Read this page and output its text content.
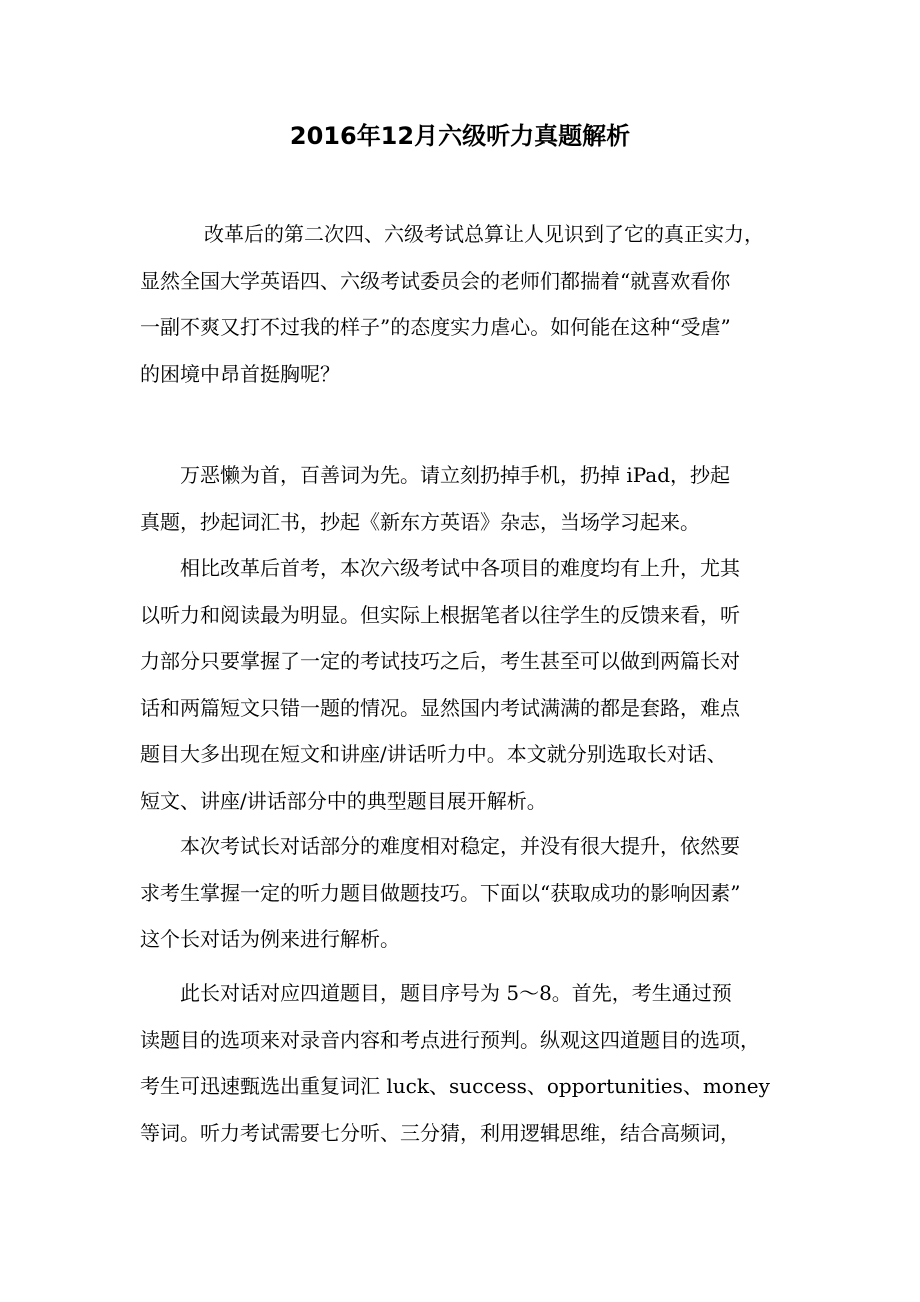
2016年12月六级听力真题解析

改革后的第二次四、六级考试总算让人见识到了它的真正实力，
显然全国大学英语四、六级考试委员会的老师们都揣着“就喜欢看你
一副不爽又打不过我的样子”的态度实力虐心。如何能在这种“受虐”
的困境中昂首挺胸呢？

万恶懒为首，百善词为先。请立刻扔掉手机，扔掉 iPad，抄起
真题，抄起词汇书，抄起《新东方英语》杂志，当场学习起来。

相比改革后首考，本次六级考试中各项目的难度均有上升，尤其
以听力和阅读最为明显。但实际上根据笔者以往学生的反馈来看，听
力部分只要掌握了一定的考试技巧之后，考生甚至可以做到两篇长对
话和两篇短文只错一题的情况。显然国内考试满满的都是套路，难点
题目大多出现在短文和讲座/讲话听力中。本文就分别选取长对话、
短文、讲座/讲话部分中的典型题目展开解析。

本次考试长对话部分的难度相对稳定，并没有很大提升，依然要
求考生掌握一定的听力题目做题技巧。下面以“获取成功的影响因素”
这个长对话为例来进行解析。

此长对话对应四道题目，题目序号为 5～8。首先，考生通过预
读题目的选项来对录音内容和考点进行预判。纵观这四道题目的选项，
考生可迅速甄选出重复词汇 luck、success、opportunities、money
等词。听力考试需要七分听、三分猜，利用逻辑思维，结合高频词，
